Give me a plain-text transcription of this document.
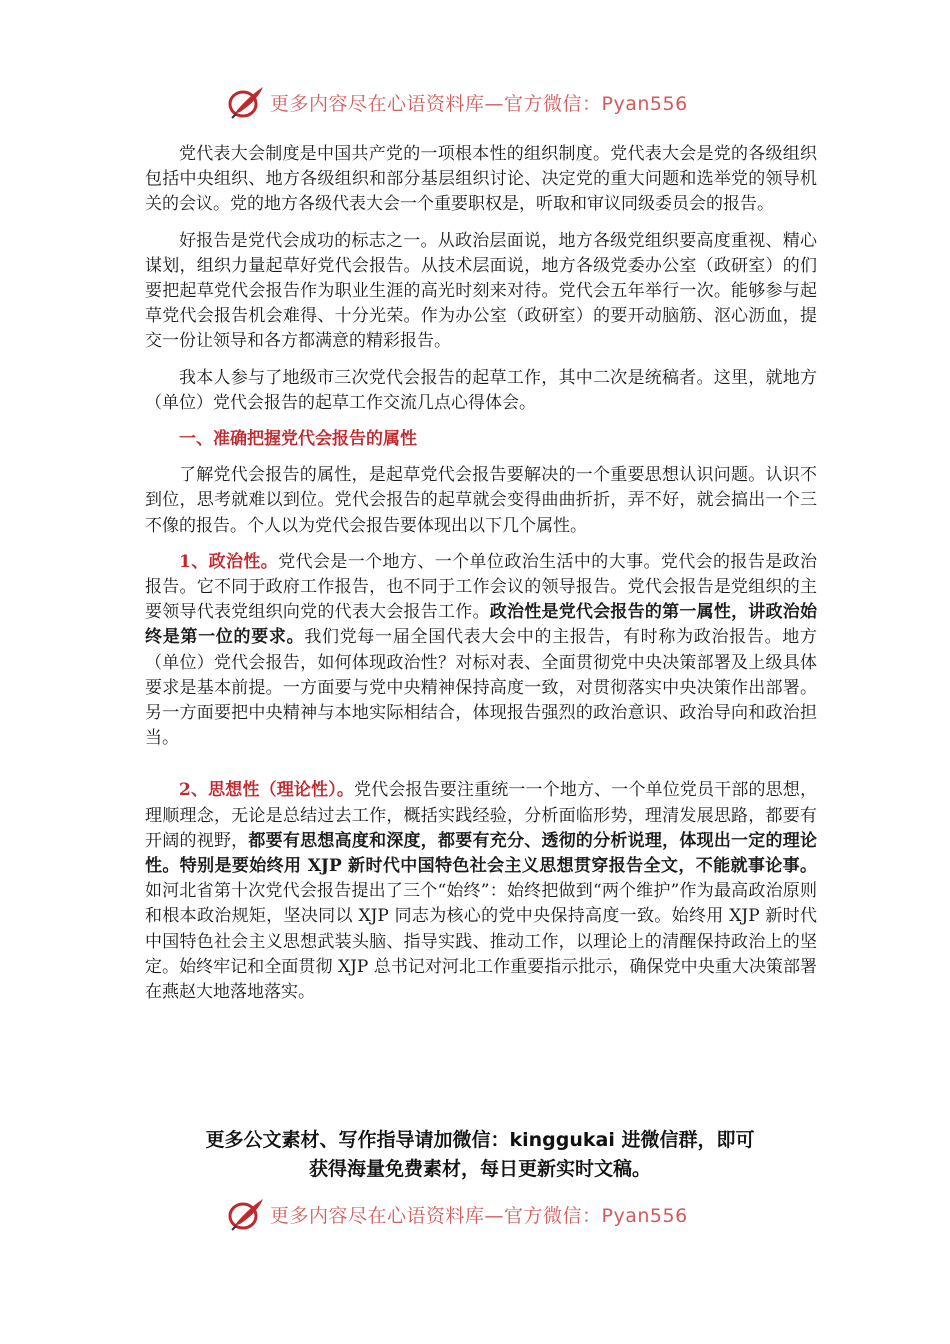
更多内容尽在心语资料库—官方微信：Pyan556

党代表大会制度是中国共产党的一项根本性的组织制度。党代表大会是党的各级组织包括中央组织、地方各级组织和部分基层组织讨论、决定党的重大问题和选举党的领导机关的会议。党的地方各级代表大会一个重要职权是，听取和审议同级委员会的报告。

好报告是党代会成功的标志之一。从政治层面说，地方各级党组织要高度重视、精心谋划，组织力量起草好党代会报告。从技术层面说，地方各级党委办公室（政研室）的们要把起草党代会报告作为职业生涯的高光时刻来对待。党代会五年举行一次。能够参与起草党代会报告机会难得、十分光荣。作为办公室（政研室）的要开动脑筋、沤心沥血，提交一份让领导和各方都满意的精彩报告。

我本人参与了地级市三次党代会报告的起草工作，其中二次是统稿者。这里，就地方（单位）党代会报告的起草工作交流几点心得体会。

一、准确把握党代会报告的属性

了解党代会报告的属性，是起草党代会报告要解决的一个重要思想认识问题。认识不到位，思考就难以到位。党代会报告的起草就会变得曲曲折折，弄不好，就会搞出一个三不像的报告。个人以为党代会报告要体现出以下几个属性。

1、政治性。党代会是一个地方、一个单位政治生活中的大事。党代会的报告是政治报告。它不同于政府工作报告，也不同于工作会议的领导报告。党代会报告是党组织的主要领导代表党组织向党的代表大会报告工作。政治性是党代会报告的第一属性，讲政治始终是第一位的要求。我们党每一届全国代表大会中的主报告，有时称为政治报告。地方（单位）党代会报告，如何体现政治性？对标对表、全面贯彻党中央决策部署及上级具体要求是基本前提。一方面要与党中央精神保持高度一致，对贯彻落实中央决策作出部署。另一方面要把中央精神与本地实际相结合，体现报告强烈的政治意识、政治导向和政治担当。

2、思想性（理论性）。党代会报告要注重统一一个地方、一个单位党员干部的思想，理顺理念，无论是总结过去工作，概括实践经验，分析面临形势，理清发展思路，都要有开阔的视野，都要有思想高度和深度，都要有充分、透彻的分析说理，体现出一定的理论性。特别是要始终用 XJP 新时代中国特色社会主义思想贯穿报告全文，不能就事论事。如河北省第十次党代会报告提出了三个“始终”：始终把做到“两个维护”作为最高政治原则和根本政治规矩，坚决同以 XJP 同志为核心的党中央保持高度一致。始终用 XJP 新时代中国特色社会主义思想武装头脑、指导实践、推动工作，以理论上的清醒保持政治上的坚定。始终牢记和全面贯彻 XJP 总书记对河北工作重要指示批示，确保党中央重大决策部署在燕赵大地落地落实。

更多公文素材、写作指导请加微信：kinggukai 进微信群，即可
获得海量免费素材，每日更新实时文稿。
更多内容尽在心语资料库—官方微信：Pyan556
